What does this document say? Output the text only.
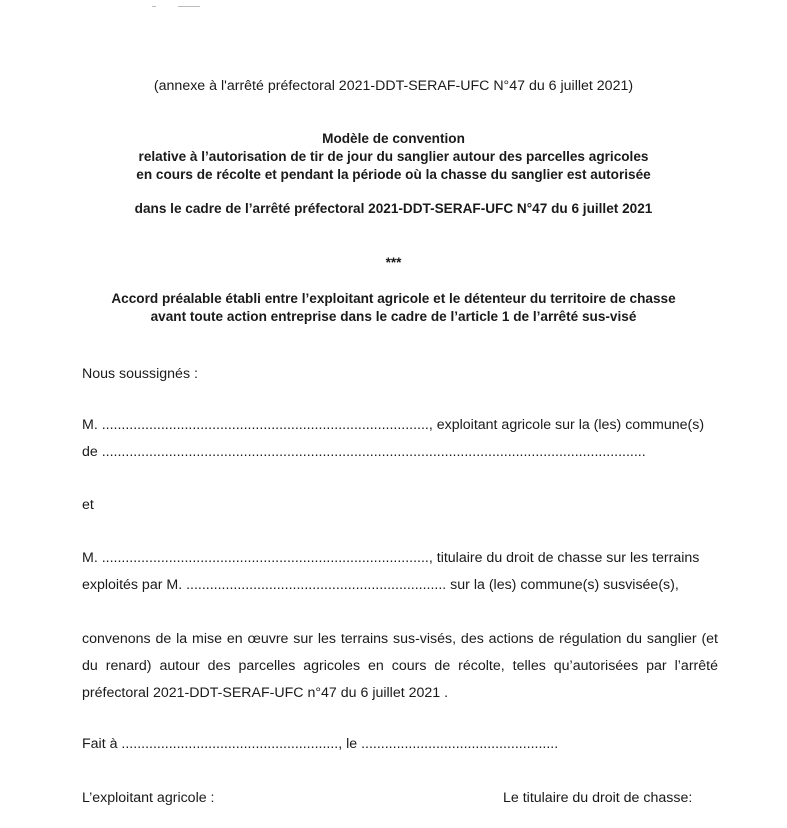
(annexe à l'arrêté préfectoral 2021-DDT-SERAF-UFC N°47 du 6 juillet 2021)
Modèle de convention
relative à l’autorisation de tir de jour du sanglier autour des parcelles agricoles
en cours de récolte et pendant la période où la chasse du sanglier est autorisée
dans le cadre de l’arrêté préfectoral 2021-DDT-SERAF-UFC N°47 du 6 juillet 2021
***
Accord préalable établi entre l’exploitant agricole et le détenteur du territoire de chasse
avant toute action entreprise dans le cadre de l’article 1 de l’arrêté sus-visé
Nous soussignés :
M. ..................................................................................., exploitant agricole sur la (les) commune(s)
de ..........................................................................................................................................
et
M. ..................................................................................., titulaire du droit de chasse sur les terrains
exploités par M. .................................................................. sur la (les) commune(s) susvisée(s),
convenons de la mise en œuvre sur les terrains sus-visés, des actions de régulation du sanglier (et du renard) autour des parcelles agricoles en cours de récolte, telles qu’autorisées par l’arrêté préfectoral 2021-DDT-SERAF-UFC n°47 du 6 juillet 2021 .
Fait à ......................................................., le ..................................................
L’exploitant agricole :	Le titulaire du droit de chasse:
